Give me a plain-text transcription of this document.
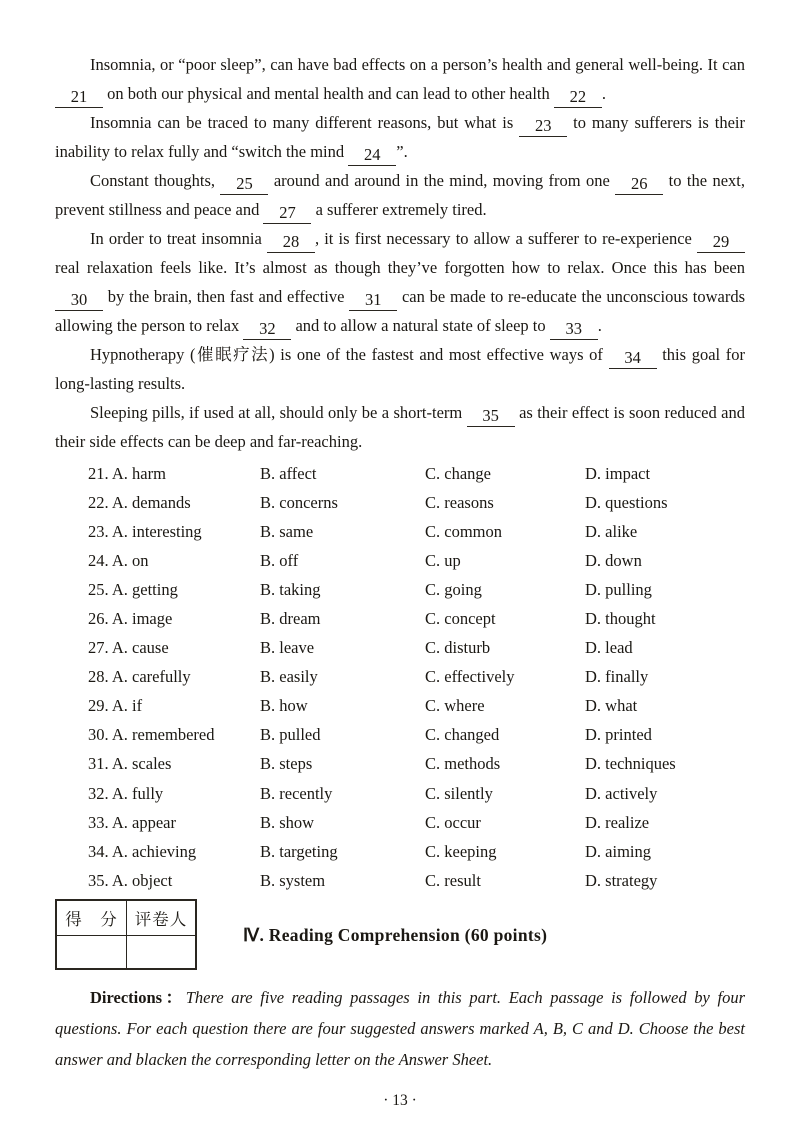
Insomnia, or “poor sleep”, can have bad effects on a person’s health and general well-being. It can 21 on both our physical and mental health and can lead to other health 22 .

Insomnia can be traced to many different reasons, but what is 23 to many sufferers is their inability to relax fully and “switch the mind 24 ”.

Constant thoughts, 25 around and around in the mind, moving from one 26 to the next, prevent stillness and peace and 27 a sufferer extremely tired.

In order to treat insomnia 28 , it is first necessary to allow a sufferer to re-experience 29 real relaxation feels like. It’s almost as though they’ve forgotten how to relax. Once this has been 30 by the brain, then fast and effective 31 can be made to re-educate the unconscious towards allowing the person to relax 32 and to allow a natural state of sleep to 33 .

Hypnotherapy (催眠疗法) is one of the fastest and most effective ways of 34 this goal for long-lasting results.

Sleeping pills, if used at all, should only be a short-term 35 as their effect is soon reduced and their side effects can be deep and far-reaching.

21. A. harm	B. affect	C. change	D. impact
22. A. demands	B. concerns	C. reasons	D. questions
23. A. interesting	B. same	C. common	D. alike
24. A. on	B. off	C. up	D. down
25. A. getting	B. taking	C. going	D. pulling
26. A. image	B. dream	C. concept	D. thought
27. A. cause	B. leave	C. disturb	D. lead
28. A. carefully	B. easily	C. effectively	D. finally
29. A. if	B. how	C. where	D. what
30. A. remembered	B. pulled	C. changed	D. printed
31. A. scales	B. steps	C. methods	D. techniques
32. A. fully	B. recently	C. silently	D. actively
33. A. appear	B. show	C. occur	D. realize
34. A. achieving	B. targeting	C. keeping	D. aiming
35. A. object	B. system	C. result	D. strategy
得　分	评卷人
Ⅳ. Reading Comprehension (60 points)

Directions：There are five reading passages in this part. Each passage is followed by four questions. For each question there are four suggested answers marked A, B, C and D. Choose the best answer and blacken the corresponding letter on the Answer Sheet.

· 13 ·
